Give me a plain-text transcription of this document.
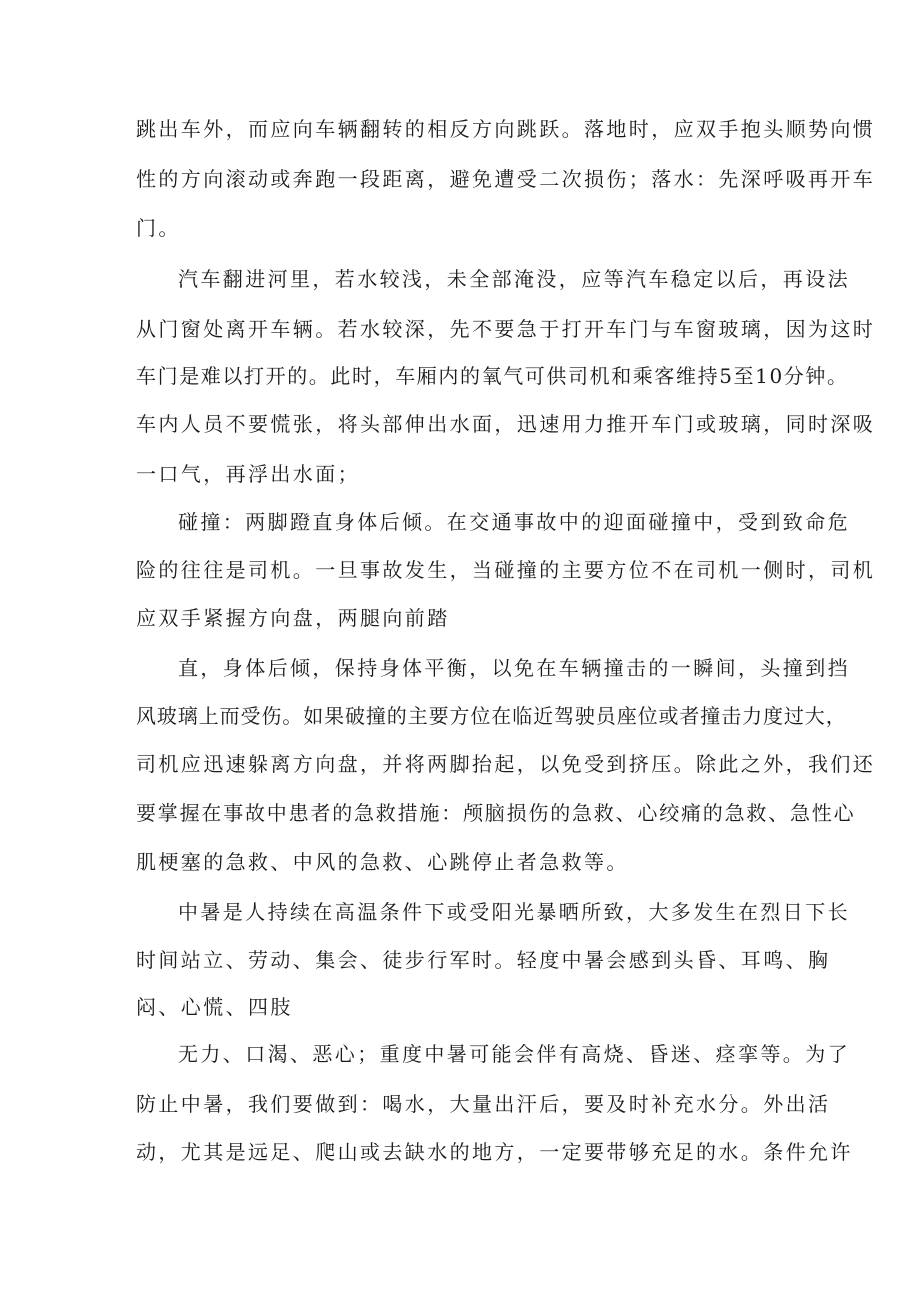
跳出车外，而应向车辆翻转的相反方向跳跃。落地时，应双手抱头顺势向惯
性的方向滚动或奔跑一段距离，避免遭受二次损伤；落水：先深呼吸再开车
门。
汽车翻进河里，若水较浅，未全部淹没，应等汽车稳定以后，再设法
从门窗处离开车辆。若水较深，先不要急于打开车门与车窗玻璃，因为这时
车门是难以打开的。此时，车厢内的氧气可供司机和乘客维持5至10分钟。
车内人员不要慌张，将头部伸出水面，迅速用力推开车门或玻璃，同时深吸
一口气，再浮出水面；
碰撞：两脚蹬直身体后倾。在交通事故中的迎面碰撞中，受到致命危
险的往往是司机。一旦事故发生，当碰撞的主要方位不在司机一侧时，司机
应双手紧握方向盘，两腿向前踏
直，身体后倾，保持身体平衡，以免在车辆撞击的一瞬间，头撞到挡
风玻璃上而受伤。如果破撞的主要方位在临近驾驶员座位或者撞击力度过大，
司机应迅速躲离方向盘，并将两脚抬起，以免受到挤压。除此之外，我们还
要掌握在事故中患者的急救措施：颅脑损伤的急救、心绞痛的急救、急性心
肌梗塞的急救、中风的急救、心跳停止者急救等。
中暑是人持续在高温条件下或受阳光暴晒所致，大多发生在烈日下长
时间站立、劳动、集会、徒步行军时。轻度中暑会感到头昏、耳鸣、胸
闷、心慌、四肢
无力、口渴、恶心；重度中暑可能会伴有高烧、昏迷、痉挛等。为了
防止中暑，我们要做到：喝水，大量出汗后，要及时补充水分。外出活
动，尤其是远足、爬山或去缺水的地方，一定要带够充足的水。条件允许
